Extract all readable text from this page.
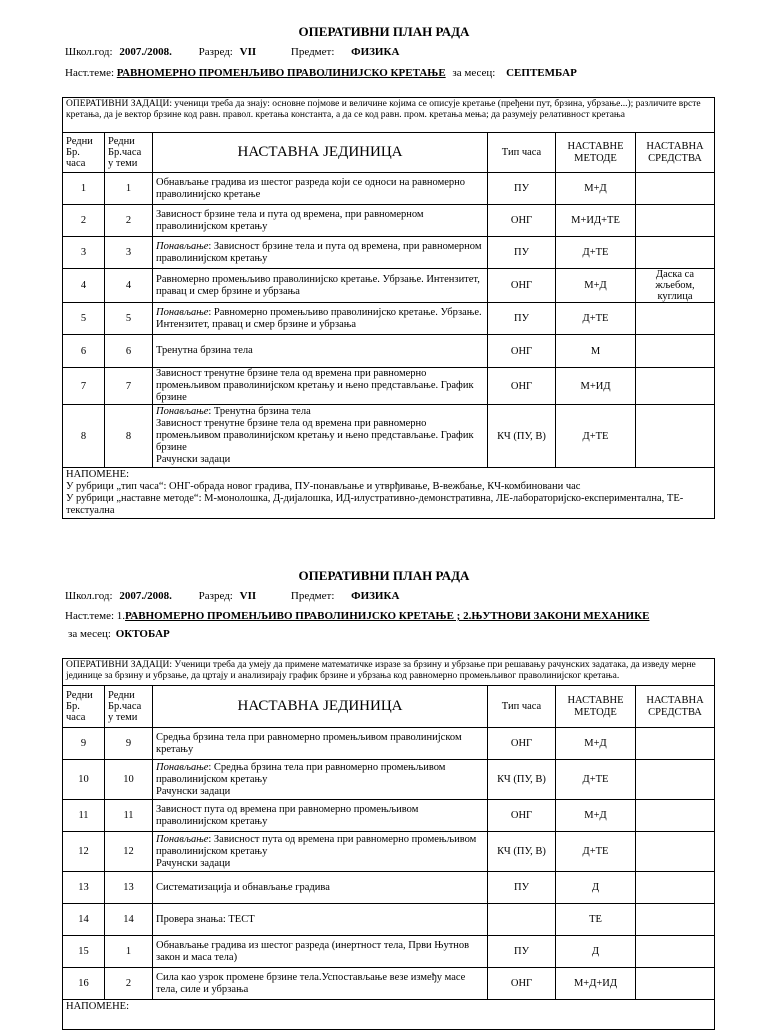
ОПЕРАТИВНИ ПЛАН РАДА
Школ.год: 2007./2008. Разред: VII	Предмет: ФИЗИКА
Наст.теме: РАВНОМЕРНО ПРОМЕНЉИВО ПРАВОЛИНИЈСКО КРЕТАЊЕ за месец: СЕПТЕМБАР
ОПЕРАТИВНИ ЗАДАЦИ: ученици треба да знају: основне појмове и величине којима се описује кретање (пређени пут, брзина, убрзање...); различите врсте кретања, да је вектор брзине код равн. правол. кретања константа, а да се код равн. пром. кретања мења; да разумеју релативност кретања					
Редни Бр. часа	Редни Бр.часа у теми	НАСТАВНА ЈЕДИНИЦА	Тип часа	НАСТАВНЕ МЕТОДЕ	НАСТАВНА СРЕДСТВА
1	1	Обнављање градива из шестог разреда који се односи на равномерно праволинијско кретање	ПУ	М+Д	
2	2	Зависност брзине тела и пута од времена, при равномерном праволинијском кретању	ОНГ	М+ИД+ТЕ	
3	3	Понављање: Зависност брзине тела и пута од времена, при равномерном праволинијском кретању	ПУ	Д+ТЕ	
4	4	Равномерно промењљиво праволинијско кретање. Убрзање. Интензитет, правац и смер брзине и убрзања	ОНГ	М+Д	Даска са жљебом, куглица
5	5	Понављање: Равномерно промењљиво праволинијско кретање. Убрзање. Интензитет, правац и смер брзине и убрзања	ПУ	Д+ТЕ	
6	6	Тренутна брзина тела	ОНГ	М	
7	7	Зависност тренутне брзине тела од времена при равномерно промењљивом праволинијском кретању и њено представљање. График брзине	ОНГ	М+ИД	
8	8	Понављање: Тренутна брзина тела
Зависност тренутне брзине тела од времена при равномерно промењљивом праволинијском кретању и њено представљање. График брзине
Рачунски задаци	КЧ (ПУ, В)	Д+ТЕ	
НАПОМЕНЕ:
У рубрици „тип часа“: ОНГ-обрада новог градива, ПУ-понављање и утврђивање, В-вежбање, КЧ-комбиновани час
У рубрици „наставне методе“: М-монолошка, Д-дијалошка, ИД-илустративно-демонстративна, ЛЕ-лабораторијско-експериментална, ТЕ-текстуална					
ОПЕРАТИВНИ ПЛАН РАДА
Школ.год: 2007./2008. Разред: VII	Предмет: ФИЗИКА
Наст.теме: 1.РАВНОМЕРНО ПРОМЕНЉИВО ПРАВОЛИНИЈСКО КРЕТАЊЕ ; 2.ЊУТНОВИ ЗАКОНИ МЕХАНИКЕ
за месец: ОКТОБАР
ОПЕРАТИВНИ ЗАДАЦИ: Ученици треба да умеју да примене математичке изразе за брзину и убрзање при решавању рачунских задатака, да изведу мерне јединице за брзину и убрзање, да цртају и анализирају график брзине и убрзања код равномерно промењљивог праволинијског кретања.					
Редни Бр. часа	Редни Бр.часа у теми	НАСТАВНА ЈЕДИНИЦА	Тип часа	НАСТАВНЕ МЕТОДЕ	НАСТАВНА СРЕДСТВА
9	9	Средња брзина тела при равномерно промењљивом праволинијском кретању	ОНГ	М+Д	
10	10	Понављање: Средња брзина тела при равномерно промењљивом праволинијском кретању
Рачунски задаци	КЧ (ПУ, В)	Д+ТЕ	
11	11	Зависност пута од времена при равномерно промењљивом праволинијском кретању	ОНГ	М+Д	
12	12	Понављање: Зависност пута од времена при равномерно промењљивом праволинијском кретању
Рачунски задаци	КЧ (ПУ, В)	Д+ТЕ	
13	13	Систематизација и обнављање градива	ПУ	Д	
14	14	Провера знања: ТЕСТ		ТЕ	
15	1	Обнављање градива из шестог разреда (инертност тела, Први Њутнов закон и маса тела)	ПУ	Д	
16	2	Сила као узрок промене брзине тела.Успостављање везе између масе тела, силе и убрзања	ОНГ	М+Д+ИД	
НАПОМЕНЕ:					
